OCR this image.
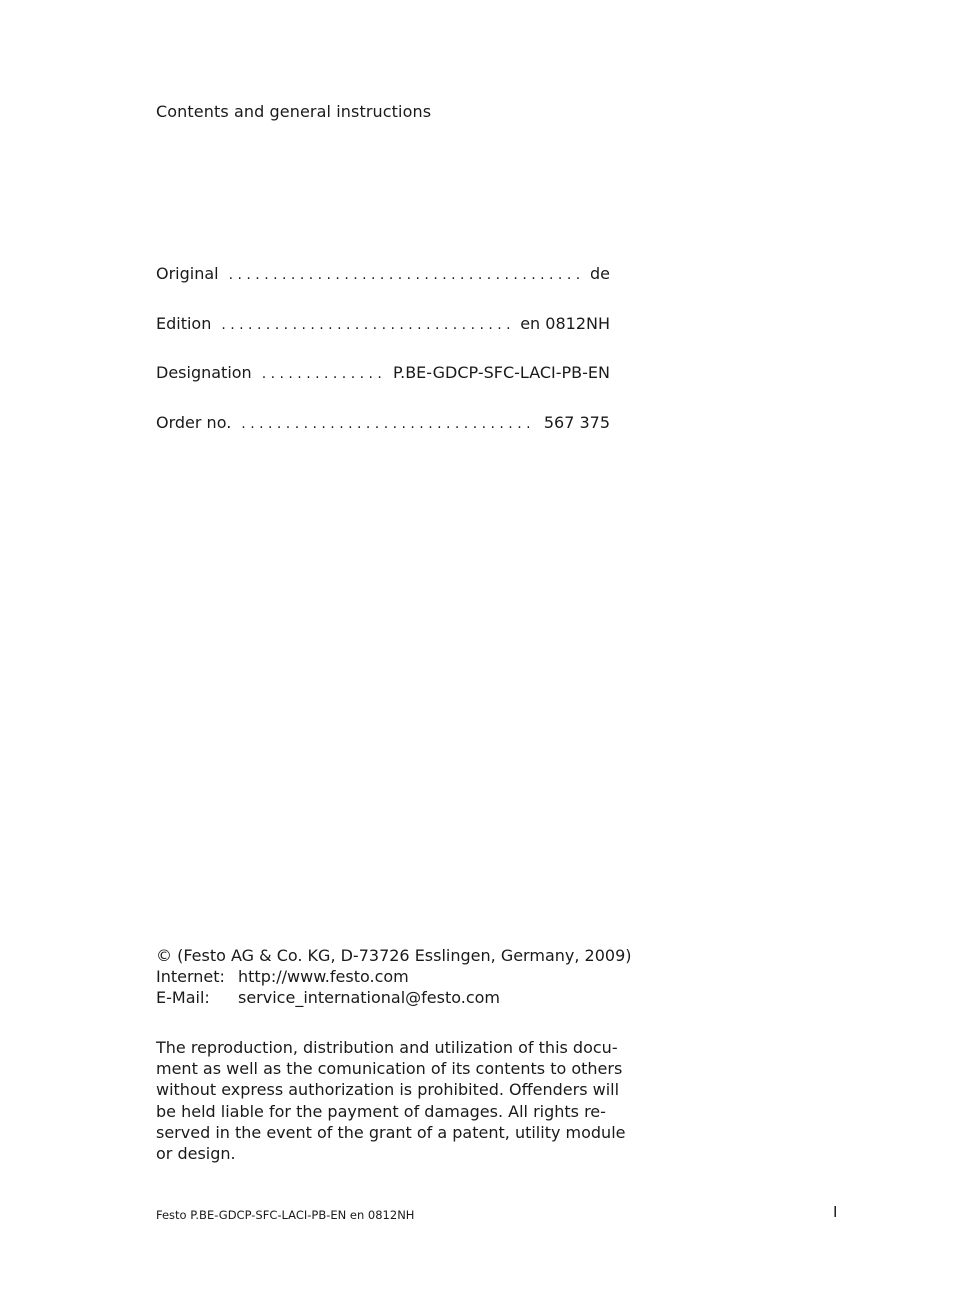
Contents and general instructions
Original . . .	de
Edition . . .	en 0812NH
Designation . . .	P.BE-GDCP-SFC-LACI-PB-EN
Order no. . . .	567 375
© (Festo AG & Co. KG, D-73726 Esslingen, Germany, 2009)
Internet: http://www.festo.com
E-Mail: service_international@festo.com
The reproduction, distribution and utilization of this docu-
ment as well as the comunication of its contents to others
without express authorization is prohibited. Offenders will
be held liable for the payment of damages. All rights re-
served in the event of the grant of a patent, utility module
or design.
Festo P.BE-GDCP-SFC-LACI-PB-EN en 0812NH	I
